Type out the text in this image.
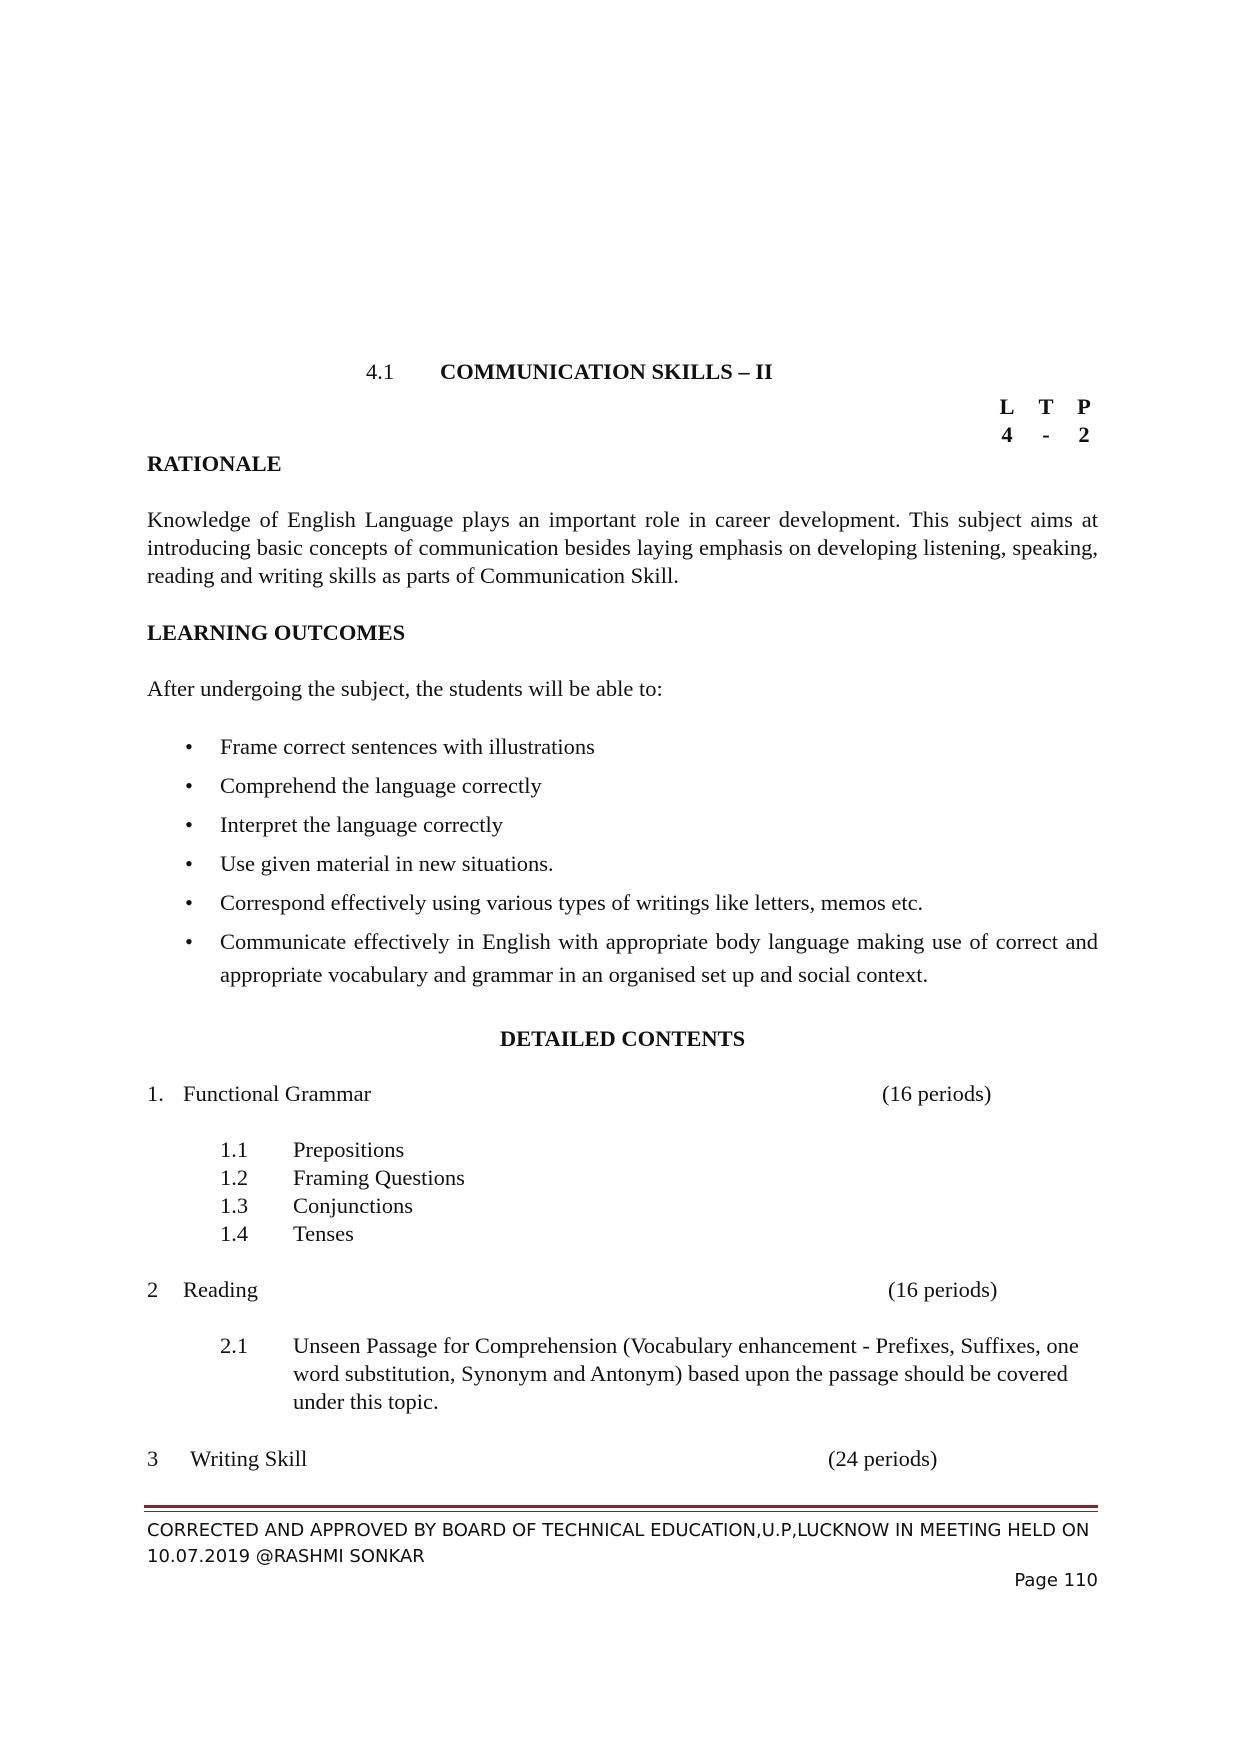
4.1 COMMUNICATION SKILLS – II
L T P
4	-	2
RATIONALE
Knowledge of English Language plays an important role in career development. This subject aims at introducing basic concepts of communication besides laying emphasis on developing listening, speaking, reading and writing skills as parts of Communication Skill.
LEARNING OUTCOMES
After undergoing the subject, the students will be able to:
• Frame correct sentences with illustrations
• Comprehend the language correctly
• Interpret the language correctly
• Use given material in new situations.
• Correspond effectively using various types of writings like letters, memos etc.
• Communicate effectively in English with appropriate body language making use of correct and appropriate vocabulary and grammar in an organised set up and social context.
DETAILED CONTENTS
1. Functional Grammar	(16 periods)
1.1 Prepositions
1.2 Framing Questions
1.3 Conjunctions
1.4 Tenses
2 Reading	(16 periods)
2.1 Unseen Passage for Comprehension (Vocabulary enhancement - Prefixes, Suffixes, one word substitution, Synonym and Antonym) based upon the passage should be covered under this topic.
3 Writing Skill	(24 periods)
CORRECTED AND APPROVED BY BOARD OF TECHNICAL EDUCATION,U.P,LUCKNOW IN MEETING HELD ON 10.07.2019 @RASHMI SONKAR
Page 110
